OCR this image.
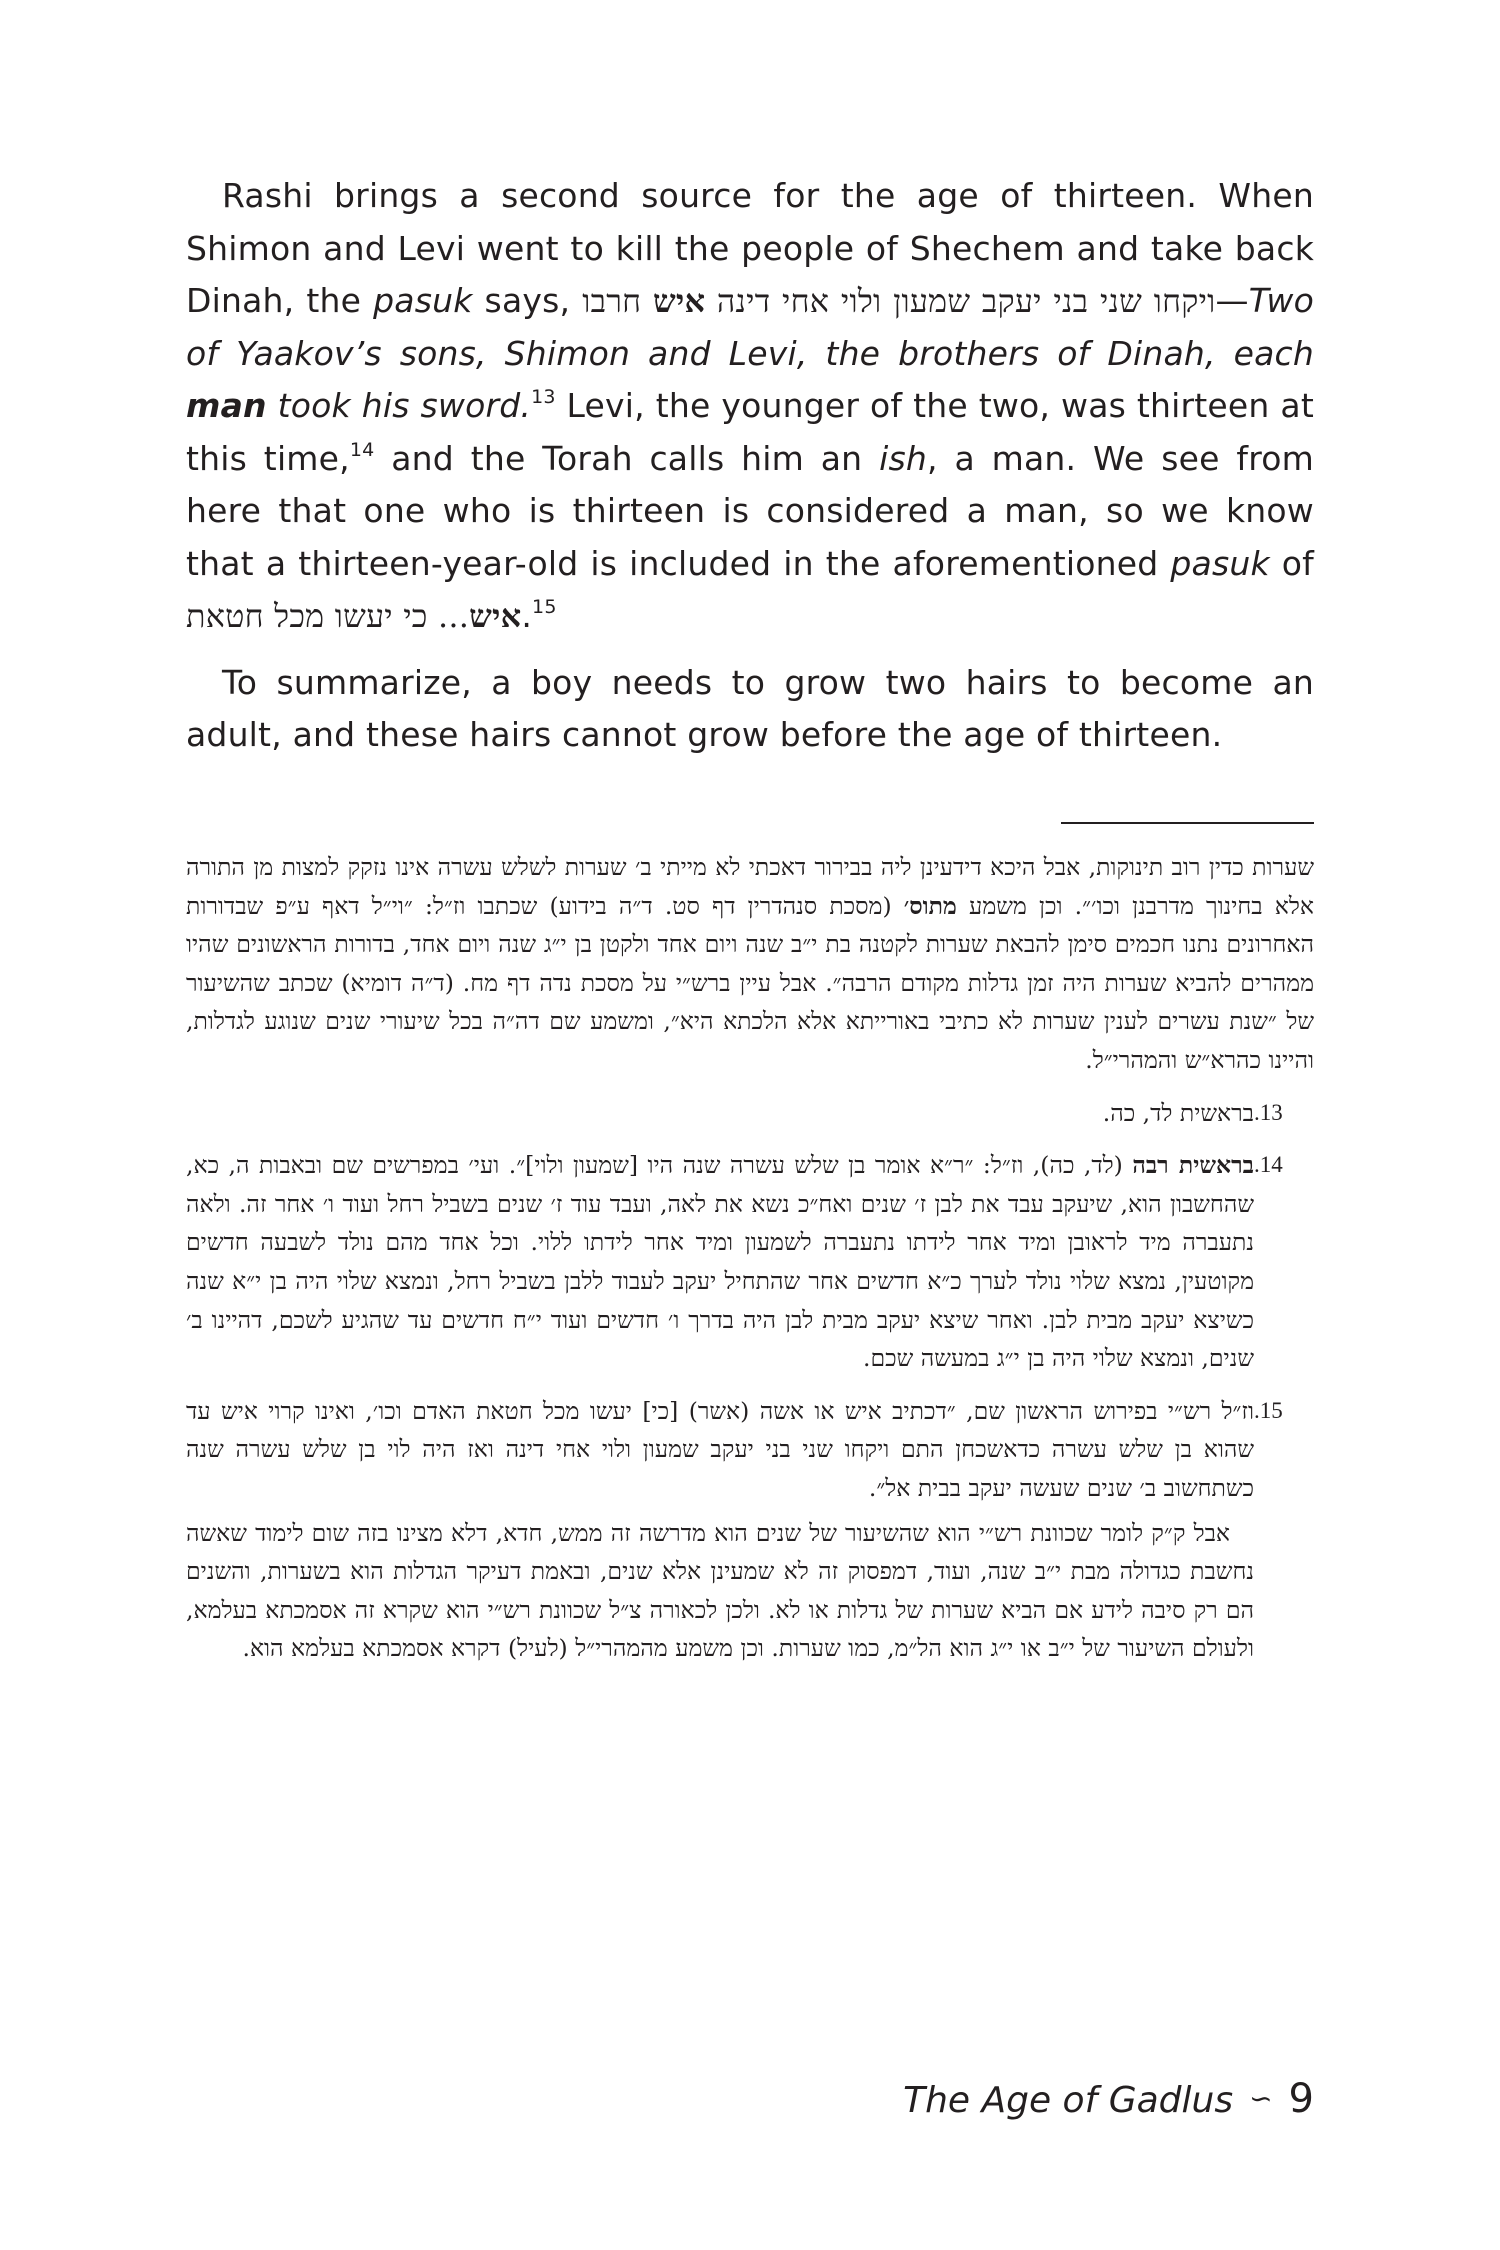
Rashi brings a second source for the age of thirteen. When Shimon and Levi went to kill the people of Shechem and take back Dinah, the pasuk says,	ויקחו שני בני יעקב שמעון ולוי אחי דינה איש חרבו	—Two of Yaakov’s sons, Shimon and Levi, the brothers of Dinah, each man took his sword.$^{13}$ Levi, the younger of the two, was thirteen at this time,$^{14}$ and the Torah calls him an ish, a man. We see from here that one who is thirteen is considered a man, so we know that a thirteen-year-old is included in the aforementioned pasuk of איש... כי יעשו מכל חטאת .$^{15}$

To summarize, a boy needs to grow two hairs to become an adult, and these hairs cannot grow before the age of thirteen.

שערות כדין רוב תינוקות, אבל היכא דידעינן ליה בבירור דאכתי לא מייתי ב׳ שערות לשלש עשרה אינו נזקק למצות מן התורה אלא בחינוך מדרבנן וכו׳״. וכן משמע מתוס׳ (מסכת סנהדרין דף סט. ד״ה בידוע) שכתבו וז״ל: ״וי״ל דאף ע״פ שבדורות האחרונים נתנו חכמים סימן להבאת שערות לקטנה בת י״ב שנה ויום אחד ולקטן בן י״ג שנה ויום אחד, בדורות הראשונים שהיו ממהרים להביא שערות היה זמן גדלות מקודם הרבה״. אבל עיין ברש״י על מסכת נדה דף מח. (ד״ה דומיא) שכתב שהשיעור של ״שנת עשרים לענין שערות לא כתיבי באורייתא אלא הלכתא היא״, ומשמע שם דה״ה בכל שיעורי שנים שנוגע לגדלות, והיינו כהרא״ש והמהרי״ל.

.13
בראשית לד, כה.
.14
בראשית רבה (לד, כה), וז״ל: ״ר״א אומר בן שלש עשרה שנה היו [שמעון ולוי]״. ועי׳ במפרשים שם ובאבות ה, כא, שהחשבון הוא, שיעקב עבד את לבן ז׳ שנים ואח״כ נשא את לאה, ועבד עוד ז׳ שנים בשביל רחל ועוד ו׳ אחר זה. ולאה נתעברה מיד לראובן ומיד אחר לידתו נתעברה לשמעון ומיד אחר לידתו ללוי. וכל אחד מהם נולד לשבעה חדשים מקוטעין, נמצא שלוי נולד לערך כ״א חדשים אחר שהתחיל יעקב לעבוד ללבן בשביל רחל, ונמצא שלוי היה בן י״א שנה כשיצא יעקב מבית לבן. ואחר שיצא יעקב מבית לבן היה בדרך ו׳ חדשים ועוד י״ח חדשים עד שהגיע לשכם, דהיינו ב׳ שנים, ונמצא שלוי היה בן י״ג במעשה שכם.
.15
וז״ל רש״י בפירוש הראשון שם, ״דכתיב איש או אשה (אשר) [כי] יעשו מכל חטאת האדם וכו׳, ואינו קרוי איש עד שהוא בן שלש עשרה כדאשכחן התם ויקחו שני בני יעקב שמעון ולוי אחי דינה ואז היה לוי בן שלש עשרה שנה כשתחשוב ב׳ שנים שעשה יעקב בבית אל״.
אבל ק״ק לומר שכוונת רש״י הוא שהשיעור של שנים הוא מדרשה זה ממש, חדא, דלא מצינו בזה שום לימוד שאשה נחשבת כגדולה מבת י״ב שנה, ועוד, דמפסוק זה לא שמעינן אלא שנים, ובאמת דעיקר הגדלות הוא בשערות, והשנים הם רק סיבה לידע אם הביא שערות של גדלות או לא. ולכן לכאורה צ״ל שכוונת רש״י הוא שקרא זה אסמכתא בעלמא, ולעולם השיעור של י״ב או י״ג הוא הל״מ, כמו שערות. וכן משמע מהמהרי״ל (לעיל) דקרא אסמכתא בעלמא הוא.
The Age of Gadlus ∽ 9
